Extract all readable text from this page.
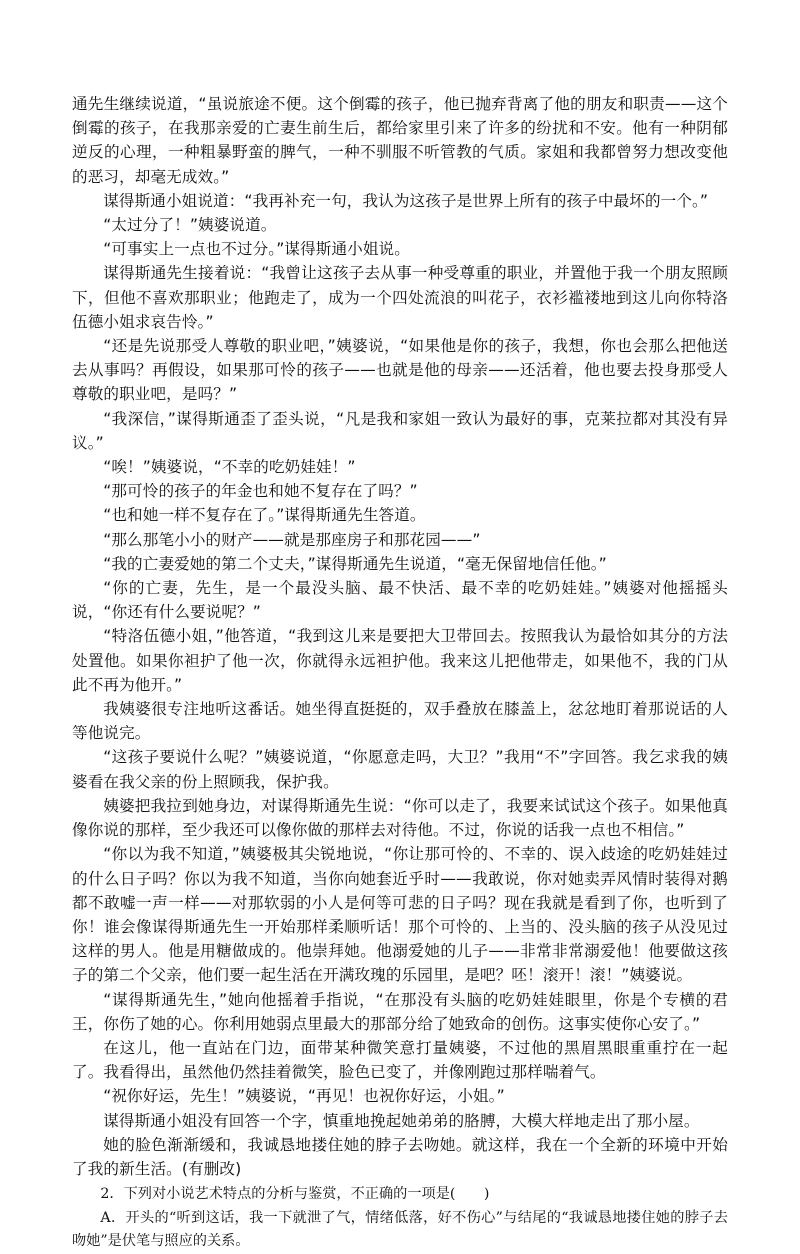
通先生继续说道，“虽说旅途不便。这个倒霉的孩子，他已抛弃背离了他的朋友和职责——这个倒霉的孩子，在我那亲爱的亡妻生前生后，都给家里引来了许多的纷扰和不安。他有一种阴郁逆反的心理，一种粗暴野蛮的脾气，一种不驯服不听管教的气质。家姐和我都曾努力想改变他的恶习，却毫无成效。”

谋得斯通小姐说道：“我再补充一句，我认为这孩子是世界上所有的孩子中最坏的一个。”

“太过分了！”姨婆说道。

“可事实上一点也不过分。”谋得斯通小姐说。

谋得斯通先生接着说：“我曾让这孩子去从事一种受尊重的职业，并置他于我一个朋友照顾下，但他不喜欢那职业；他跑走了，成为一个四处流浪的叫花子，衣衫褴褛地到这儿向你特洛伍德小姐求哀告怜。”

“还是先说那受人尊敬的职业吧，”姨婆说，“如果他是你的孩子，我想，你也会那么把他送去从事吗？再假设，如果那可怜的孩子——也就是他的母亲——还活着，他也要去投身那受人尊敬的职业吧，是吗？”

“我深信，”谋得斯通歪了歪头说，“凡是我和家姐一致认为最好的事，克莱拉都对其没有异议。”

“唉！”姨婆说，“不幸的吃奶娃娃！”

“那可怜的孩子的年金也和她不复存在了吗？”

“也和她一样不复存在了。”谋得斯通先生答道。

“那么那笔小小的财产——就是那座房子和那花园——”

“我的亡妻爱她的第二个丈夫，”谋得斯通先生说道，“毫无保留地信任他。”

“你的亡妻，先生，是一个最没头脑、最不快活、最不幸的吃奶娃娃。”姨婆对他摇摇头说，“你还有什么要说呢？”

“特洛伍德小姐，”他答道，“我到这儿来是要把大卫带回去。按照我认为最恰如其分的方法处置他。如果你袒护了他一次，你就得永远袒护他。我来这儿把他带走，如果他不，我的门从此不再为他开。”

我姨婆很专注地听这番话。她坐得直挺挺的，双手叠放在膝盖上，忿忿地盯着那说话的人等他说完。

“这孩子要说什么呢？”姨婆说道，“你愿意走吗，大卫？”我用“不”字回答。我乞求我的姨婆看在我父亲的份上照顾我，保护我。

姨婆把我拉到她身边，对谋得斯通先生说：“你可以走了，我要来试试这个孩子。如果他真像你说的那样，至少我还可以像你做的那样去对待他。不过，你说的话我一点也不相信。”

“你以为我不知道，”姨婆极其尖锐地说，“你让那可怜的、不幸的、误入歧途的吃奶娃娃过的什么日子吗？你以为我不知道，当你向她套近乎时——我敢说，你对她卖弄风情时装得对鹅都不敢嘘一声一样——对那软弱的小人是何等可悲的日子吗？现在我就是看到了你，也听到了你！谁会像谋得斯通先生一开始那样柔顺听话！那个可怜的、上当的、没头脑的孩子从没见过这样的男人。他是用糖做成的。他崇拜她。他溺爱她的儿子——非常非常溺爱他！他要做这孩子的第二个父亲，他们要一起生活在开满玫瑰的乐园里，是吧？呸！滚开！滚！”姨婆说。

“谋得斯通先生，”她向他摇着手指说，“在那没有头脑的吃奶娃娃眼里，你是个专横的君王，你伤了她的心。你利用她弱点里最大的那部分给了她致命的创伤。这事实使你心安了。”

在这儿，他一直站在门边，面带某种微笑意打量姨婆，不过他的黑眉黑眼重重拧在一起了。我看得出，虽然他仍然挂着微笑，脸色已变了，并像刚跑过那样喘着气。

“祝你好运，先生！”姨婆说，“再见！也祝你好运，小姐。”

谋得斯通小姐没有回答一个字，慎重地挽起她弟弟的胳膊，大模大样地走出了那小屋。

她的脸色渐渐缓和，我诚恳地搂住她的脖子去吻她。就这样，我在一个全新的环境中开始了我的新生活。(有删改)

2．下列对小说艺术特点的分析与鉴赏，不正确的一项是(　　)

A．开头的“听到这话，我一下就泄了气，情绪低落，好不伤心”与结尾的“我诚恳地搂住她的脖子去吻她”是伏笔与照应的关系。
